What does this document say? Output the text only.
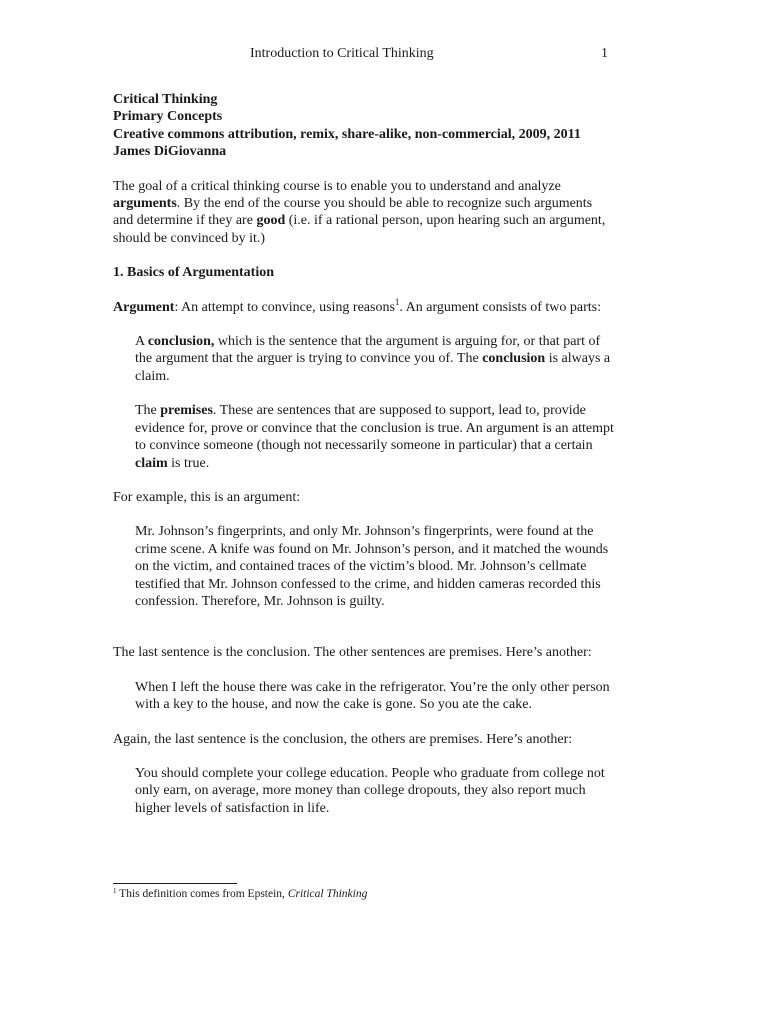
Introduction to Critical Thinking	1
Critical Thinking
Primary Concepts
Creative commons attribution, remix, share-alike, non-commercial, 2009, 2011 James DiGiovanna

The goal of a critical thinking course is to enable you to understand and analyze arguments. By the end of the course you should be able to recognize such arguments and determine if they are good (i.e. if a rational person, upon hearing such an argument, should be convinced by it.)

1. Basics of Argumentation

Argument: An attempt to convince, using reasons$^1$. An argument consists of two parts:

A conclusion, which is the sentence that the argument is arguing for, or that part of the argument that the arguer is trying to convince you of. The conclusion is always a claim.

The premises. These are sentences that are supposed to support, lead to, provide evidence for, prove or convince that the conclusion is true. An argument is an attempt to convince someone (though not necessarily someone in particular) that a certain claim is true.

For example, this is an argument:

Mr. Johnson’s fingerprints, and only Mr. Johnson’s fingerprints, were found at the crime scene. A knife was found on Mr. Johnson’s person, and it matched the wounds on the victim, and contained traces of the victim’s blood. Mr. Johnson’s cellmate testified that Mr. Johnson confessed to the crime, and hidden cameras recorded this confession. Therefore, Mr. Johnson is guilty.

The last sentence is the conclusion. The other sentences are premises. Here’s another:

When I left the house there was cake in the refrigerator. You’re the only other person with a key to the house, and now the cake is gone. So you ate the cake.

Again, the last sentence is the conclusion, the others are premises. Here’s another:

You should complete your college education. People who graduate from college not only earn, on average, more money than college dropouts, they also report much higher levels of satisfaction in life.

$^1$ This definition comes from Epstein, Critical Thinking
